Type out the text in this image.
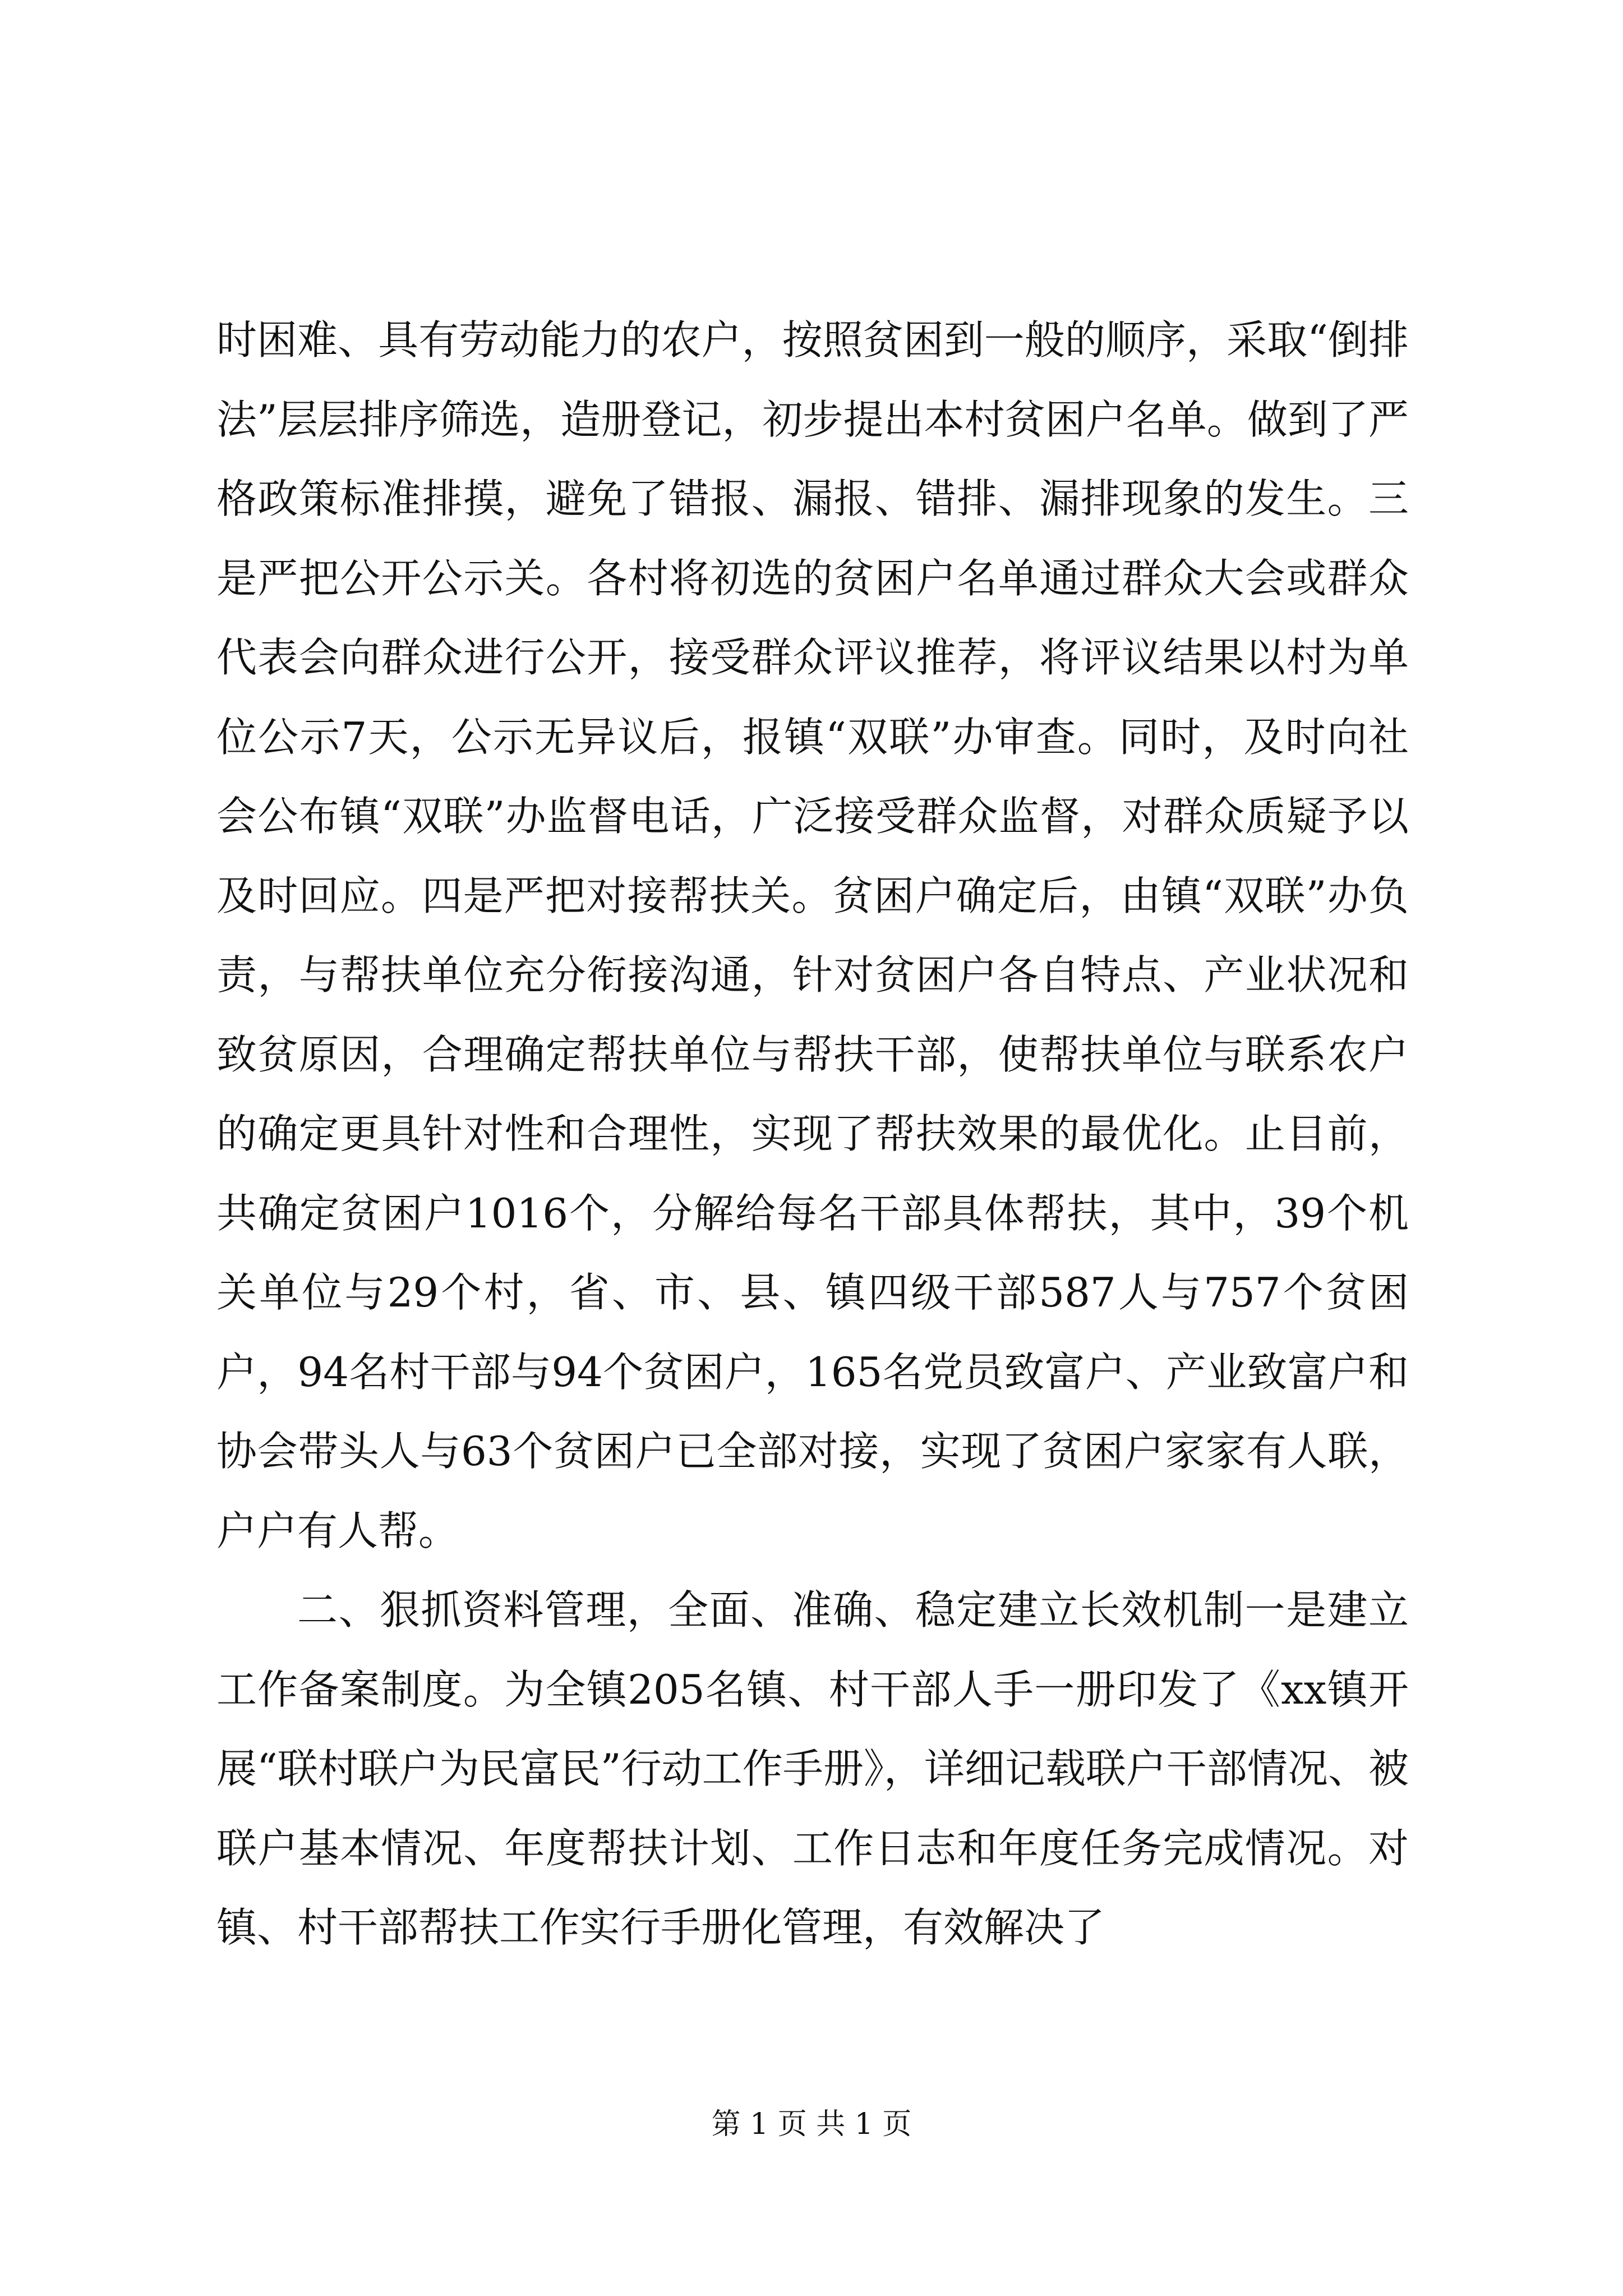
时困难、具有劳动能力的农户，按照贫困到一般的顺序，采取“倒排法”层层排序筛选，造册登记，初步提出本村贫困户名单。做到了严格政策标准排摸，避免了错报、漏报、错排、漏排现象的发生。三是严把公开公示关。各村将初选的贫困户名单通过群众大会或群众代表会向群众进行公开，接受群众评议推荐，将评议结果以村为单位公示7天，公示无异议后，报镇“双联”办审查。同时，及时向社会公布镇“双联”办监督电话，广泛接受群众监督，对群众质疑予以及时回应。四是严把对接帮扶关。贫困户确定后，由镇“双联”办负责，与帮扶单位充分衔接沟通，针对贫困户各自特点、产业状况和致贫原因，合理确定帮扶单位与帮扶干部，使帮扶单位与联系农户的确定更具针对性和合理性，实现了帮扶效果的最优化。止目前，共确定贫困户1016个，分解给每名干部具体帮扶，其中，39个机关单位与29个村，省、市、县、镇四级干部587人与757个贫困户，94名村干部与94个贫困户，165名党员致富户、产业致富户和协会带头人与63个贫困户已全部对接，实现了贫困户家家有人联，户户有人帮。

二、狠抓资料管理，全面、准确、稳定建立长效机制一是建立工作备案制度。为全镇205名镇、村干部人手一册印发了《xx镇开展“联村联户为民富民”行动工作手册》，详细记载联户干部情况、被联户基本情况、年度帮扶计划、工作日志和年度任务完成情况。对镇、村干部帮扶工作实行手册化管理，有效解决了

第 1 页 共 1 页
